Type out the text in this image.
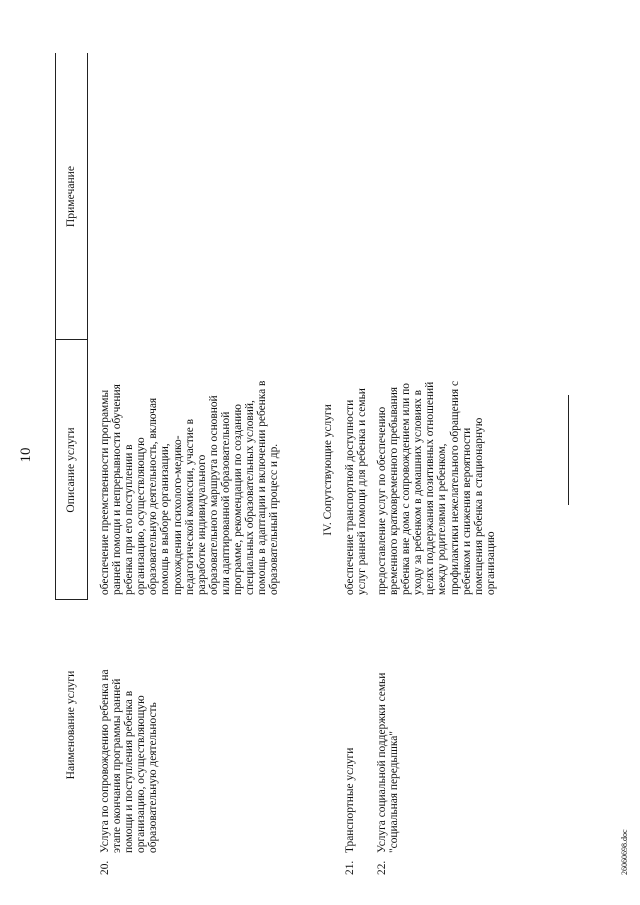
10
Наименование услуги
Описание услуги
Примечание
20.
Услуга по сопровождению ребенка на
этапе окончания программы ранней
помощи и поступления ребенка в
организацию, осуществляющую
образовательную деятельность
обеспечение преемственности программы
ранней помощи и непрерывности обучения
ребенка при его поступлении в
организацию, осуществляющую
образовательную деятельность, включая
помощь в выборе организации,
прохождении психолого-медико-
педагогической комиссии, участие в
разработке индивидуального
образовательного маршрута по основной
или адаптированной образовательной
программе, рекомендации по созданию
специальных образовательных условий,
помощь в адаптации и включении ребенка в
образовательный процесс и др.	IV. Сопутствующие услуги
21.
Транспортные услуги
обеспечение транспортной доступности
услуг ранней помощи для ребенка и семьи
22.
Услуга социальной поддержки семьи
"социальная передышка"
предоставление услуг по обеспечению
временного кратковременного пребывания
ребенка вне дома с сопровождением или по
уходу за ребенком в домашних условиях в
целях поддержания позитивных отношений
между родителями и ребенком,
профилактики нежелательного обращения с
ребенком и снижения вероятности
помещения ребенка в стационарную
организацию
26060698.doc
